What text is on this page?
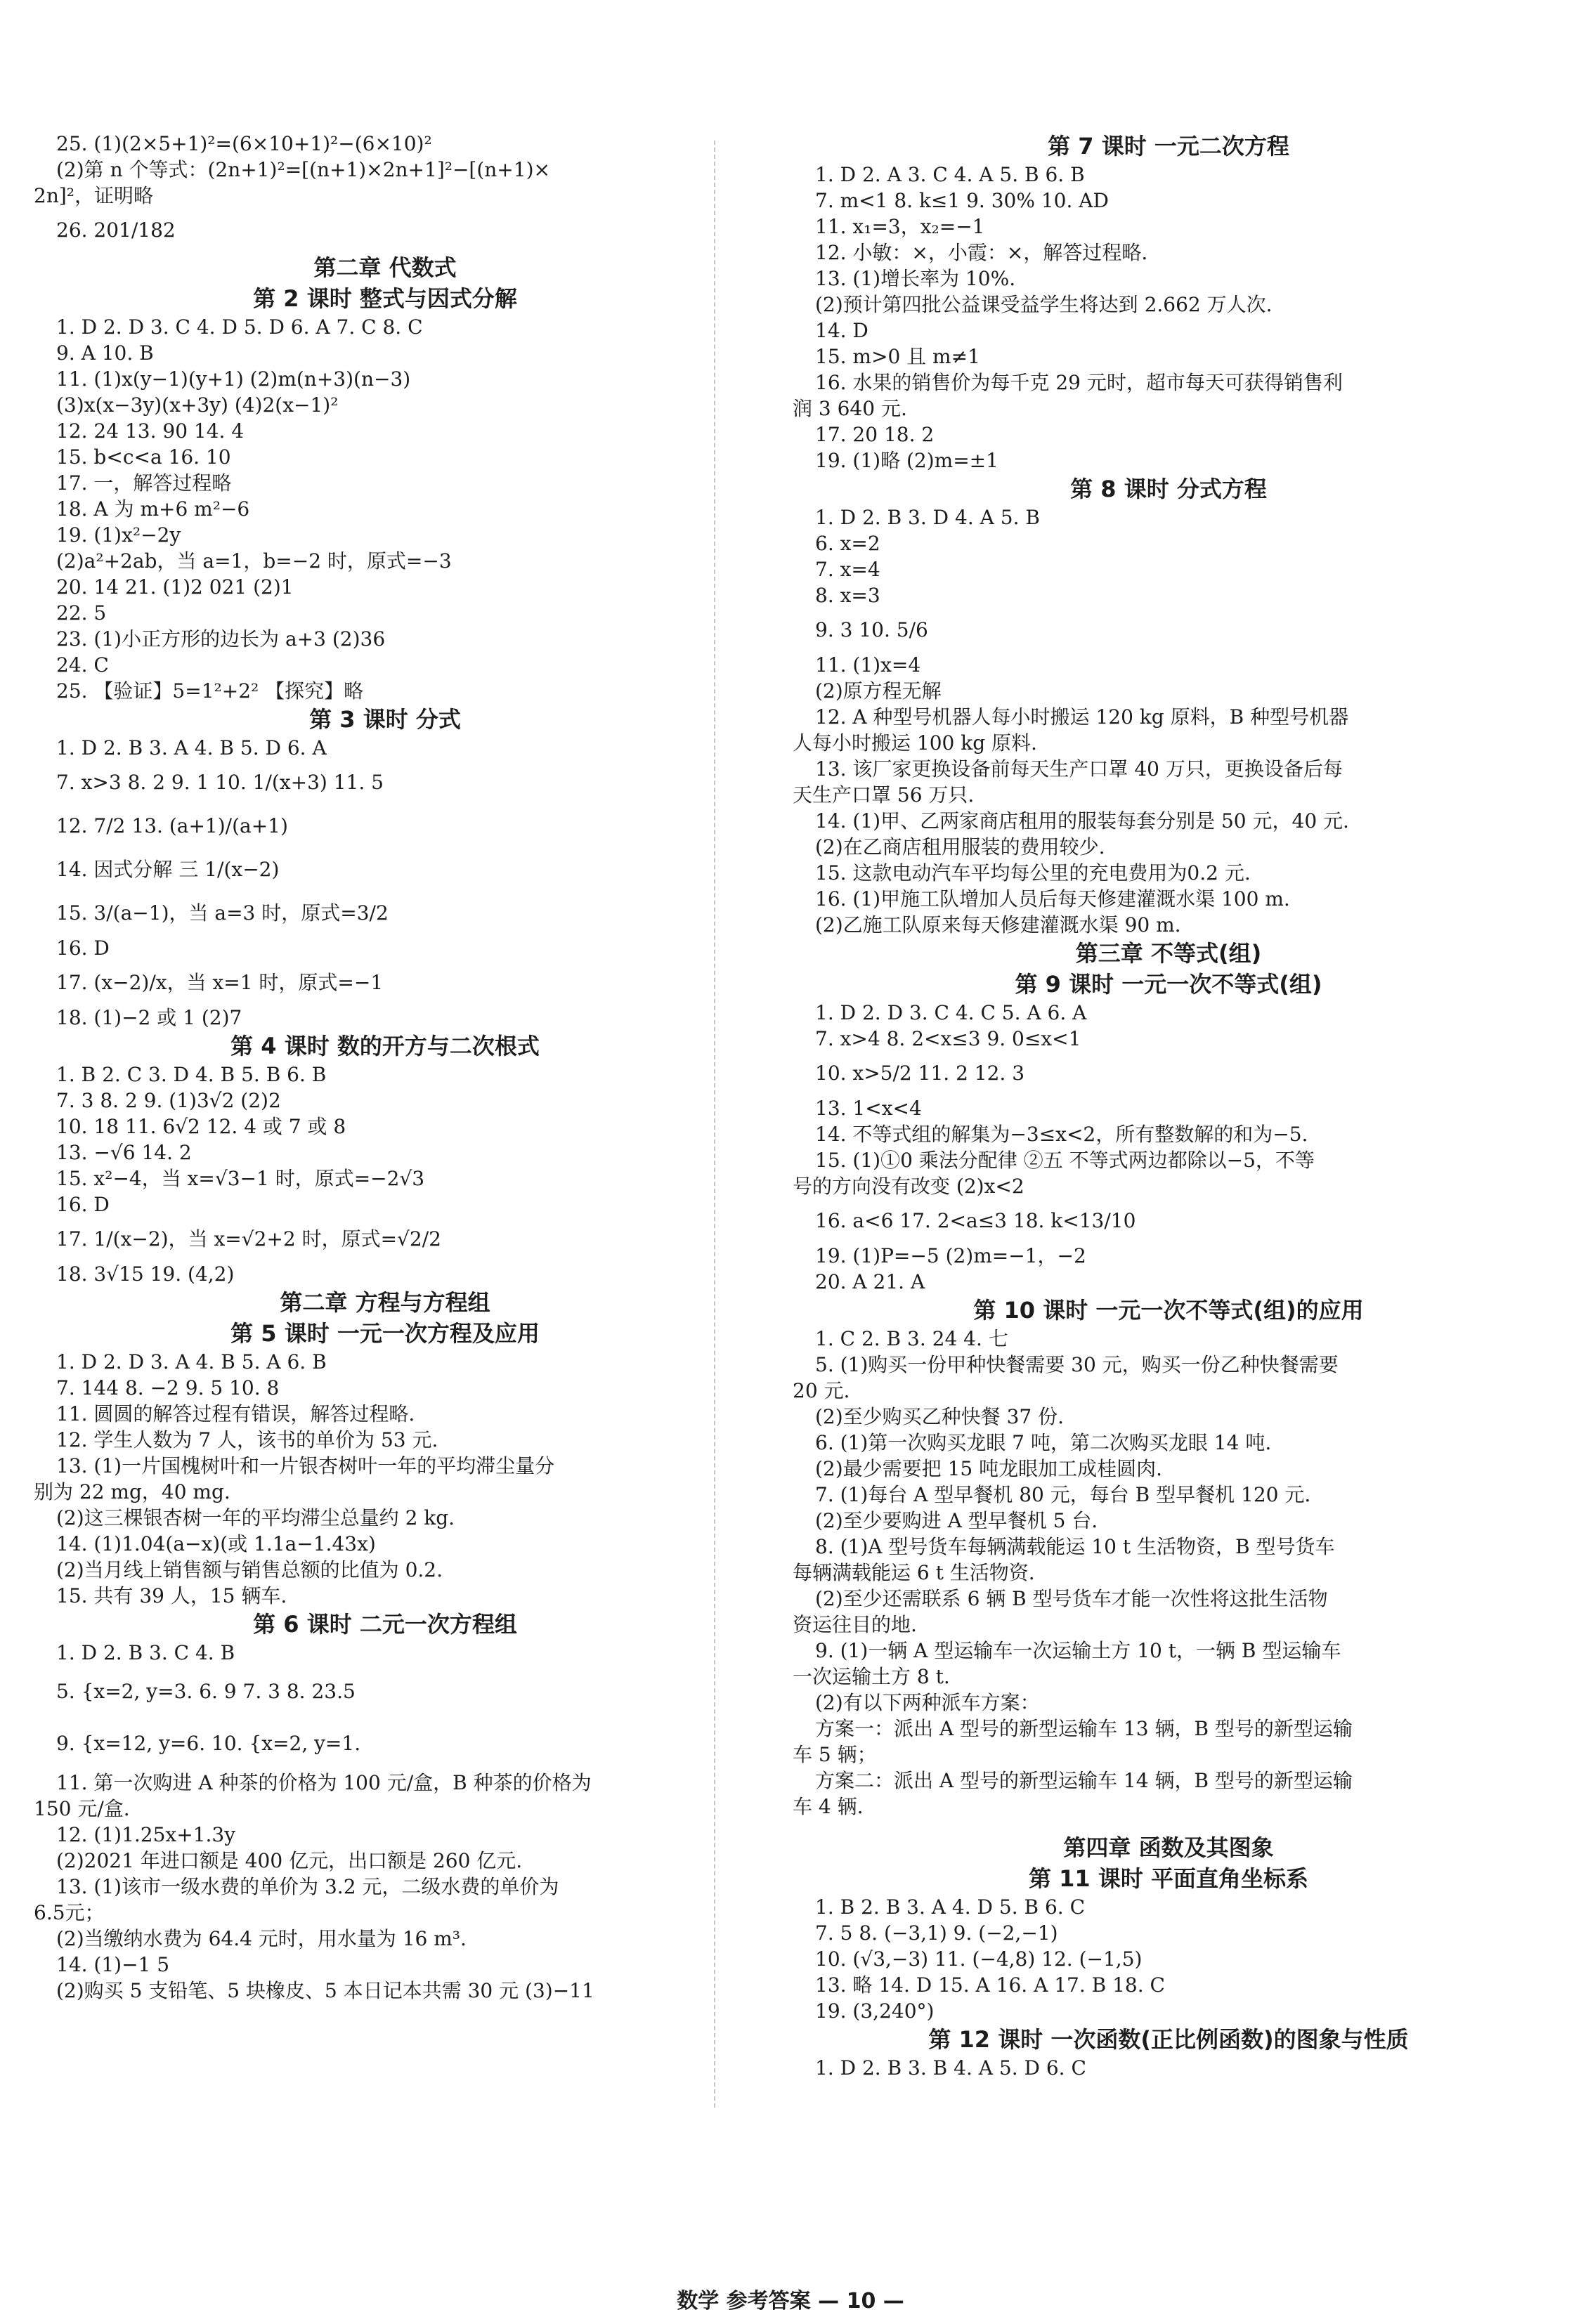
25. (1)(2×5+1)²=(6×10+1)²−(6×10)²
(2)第 n 个等式：(2n+1)²=[(n+1)×2n+1]²−[(n+1)×
2n]²，证明略
26. 201/182
第二章 代数式
第 2 课时 整式与因式分解
1. D 2. D 3. C 4. D 5. D 6. A 7. C 8. C
9. A 10. B
11. (1)x(y−1)(y+1) (2)m(n+3)(n−3)
(3)x(x−3y)(x+3y) (4)2(x−1)²
12. 24 13. 90 14. 4
15. b<c<a 16. 10
17. 一，解答过程略
18. A 为 m+6 m²−6
19. (1)x²−2y
(2)a²+2ab，当 a=1，b=−2 时，原式=−3
20. 14 21. (1)2 021 (2)1
22. 5
23. (1)小正方形的边长为 a+3 (2)36
24. C
25. 【验证】5=1²+2² 【探究】略
第 3 课时 分式
1. D 2. B 3. A 4. B 5. D 6. A
7. x>3 8. 2 9. 1 10. 1/(x+3) 11. 5
12. 7/2 13. (a+1)/(a+1)
14. 因式分解 三 1/(x−2)
15. 3/(a−1)，当 a=3 时，原式=3/2
16. D
17. (x−2)/x，当 x=1 时，原式=−1
18. (1)−2 或 1 (2)7
第 4 课时 数的开方与二次根式
1. B 2. C 3. D 4. B 5. B 6. B
7. 3 8. 2 9. (1)3√2 (2)2
10. 18 11. 6√2 12. 4 或 7 或 8
13. −√6 14. 2
15. x²−4，当 x=√3−1 时，原式=−2√3
16. D
17. 1/(x−2)，当 x=√2+2 时，原式=√2/2
18. 3√15 19. (4,2)
第二章 方程与方程组
第 5 课时 一元一次方程及应用
1. D 2. D 3. A 4. B 5. A 6. B
7. 144 8. −2 9. 5 10. 8
11. 圆圆的解答过程有错误，解答过程略.
12. 学生人数为 7 人，该书的单价为 53 元.
13. (1)一片国槐树叶和一片银杏树叶一年的平均滞尘量分
别为 22 mg，40 mg.
(2)这三棵银杏树一年的平均滞尘总量约 2 kg.
14. (1)1.04(a−x)(或 1.1a−1.43x)
(2)当月线上销售额与销售总额的比值为 0.2.
15. 共有 39 人，15 辆车.
第 6 课时 二元一次方程组
1. D 2. B 3. C 4. B
5. {x=2, y=3. 6. 9 7. 3 8. 23.5
9. {x=12, y=6. 10. {x=2, y=1.
11. 第一次购进 A 种茶的价格为 100 元/盒，B 种茶的价格为
150 元/盒.
12. (1)1.25x+1.3y
(2)2021 年进口额是 400 亿元，出口额是 260 亿元.
13. (1)该市一级水费的单价为 3.2 元，二级水费的单价为
6.5元；
(2)当缴纳水费为 64.4 元时，用水量为 16 m³.
14. (1)−1 5
(2)购买 5 支铅笔、5 块橡皮、5 本日记本共需 30 元 (3)−11
第 7 课时 一元二次方程
1. D 2. A 3. C 4. A 5. B 6. B
7. m<1 8. k≤1 9. 30% 10. AD
11. x₁=3，x₂=−1
12. 小敏：×，小霞：×，解答过程略.
13. (1)增长率为 10%.
(2)预计第四批公益课受益学生将达到 2.662 万人次.
14. D
15. m>0 且 m≠1
16. 水果的销售价为每千克 29 元时，超市每天可获得销售利
润 3 640 元.
17. 20 18. 2
19. (1)略 (2)m=±1
第 8 课时 分式方程
1. D 2. B 3. D 4. A 5. B
6. x=2
7. x=4
8. x=3
9. 3 10. 5/6
11. (1)x=4
(2)原方程无解
12. A 种型号机器人每小时搬运 120 kg 原料，B 种型号机器
人每小时搬运 100 kg 原料.
13. 该厂家更换设备前每天生产口罩 40 万只，更换设备后每
天生产口罩 56 万只.
14. (1)甲、乙两家商店租用的服装每套分别是 50 元，40 元.
(2)在乙商店租用服装的费用较少.
15. 这款电动汽车平均每公里的充电费用为0.2 元.
16. (1)甲施工队增加人员后每天修建灌溉水渠 100 m.
(2)乙施工队原来每天修建灌溉水渠 90 m.
第三章 不等式(组)
第 9 课时 一元一次不等式(组)
1. D 2. D 3. C 4. C 5. A 6. A
7. x>4 8. 2<x≤3 9. 0≤x<1
10. x>5/2 11. 2 12. 3
13. 1<x<4
14. 不等式组的解集为−3≤x<2，所有整数解的和为−5.
15. (1)①0 乘法分配律 ②五 不等式两边都除以−5，不等
号的方向没有改变 (2)x<2
16. a<6 17. 2<a≤3 18. k<13/10
19. (1)P=−5 (2)m=−1，−2
20. A 21. A
第 10 课时 一元一次不等式(组)的应用
1. C 2. B 3. 24 4. 七
5. (1)购买一份甲种快餐需要 30 元，购买一份乙种快餐需要
20 元.
(2)至少购买乙种快餐 37 份.
6. (1)第一次购买龙眼 7 吨，第二次购买龙眼 14 吨.
(2)最少需要把 15 吨龙眼加工成桂圆肉.
7. (1)每台 A 型早餐机 80 元，每台 B 型早餐机 120 元.
(2)至少要购进 A 型早餐机 5 台.
8. (1)A 型号货车每辆满载能运 10 t 生活物资，B 型号货车
每辆满载能运 6 t 生活物资.
(2)至少还需联系 6 辆 B 型号货车才能一次性将这批生活物
资运往目的地.
9. (1)一辆 A 型运输车一次运输土方 10 t，一辆 B 型运输车
一次运输土方 8 t.
(2)有以下两种派车方案：
方案一：派出 A 型号的新型运输车 13 辆，B 型号的新型运输
车 5 辆；
方案二：派出 A 型号的新型运输车 14 辆，B 型号的新型运输
车 4 辆.
第四章 函数及其图象
第 11 课时 平面直角坐标系
1. B 2. B 3. A 4. D 5. B 6. C
7. 5 8. (−3,1) 9. (−2,−1)
10. (√3,−3) 11. (−4,8) 12. (−1,5)
13. 略 14. D 15. A 16. A 17. B 18. C
19. (3,240°)
第 12 课时 一次函数(正比例函数)的图象与性质
1. D 2. B 3. B 4. A 5. D 6. C
数学 参考答案 — 10 —
